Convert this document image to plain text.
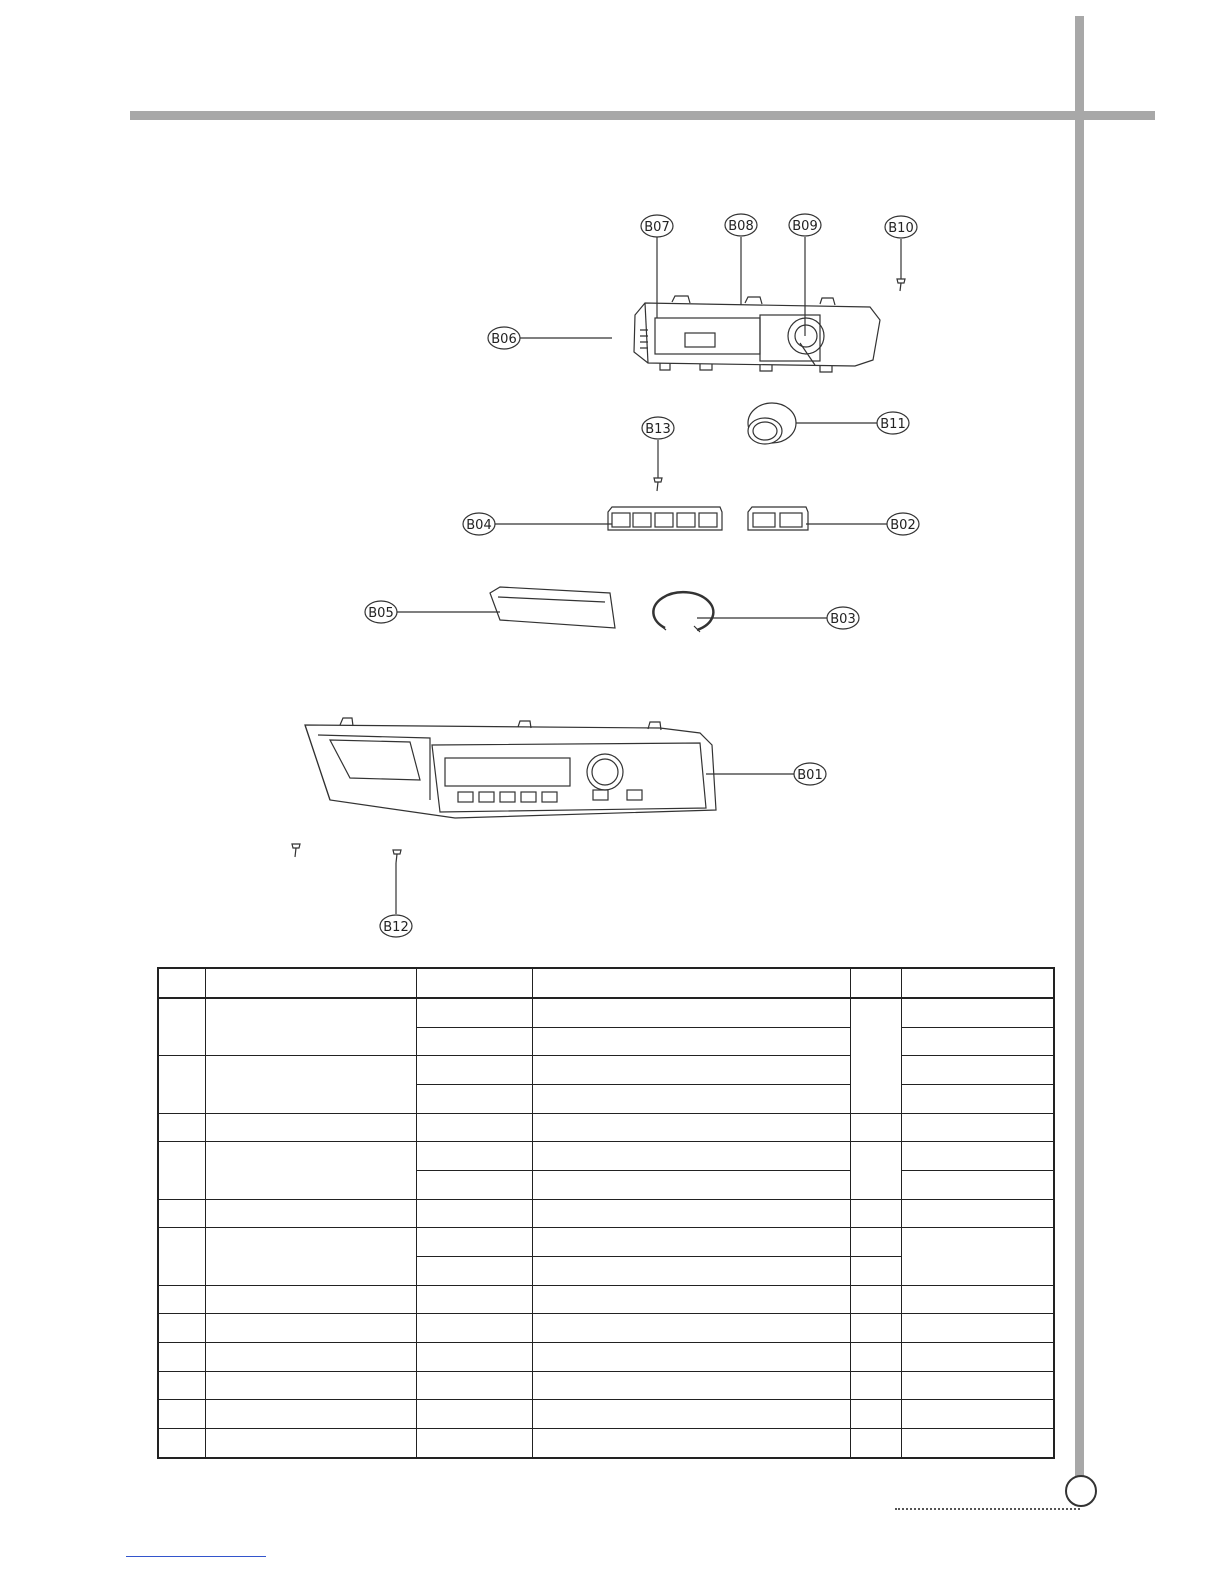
B07	B08	B09	B10
B06
B13	B11
B04	B02
B05	B03
B01
B12
